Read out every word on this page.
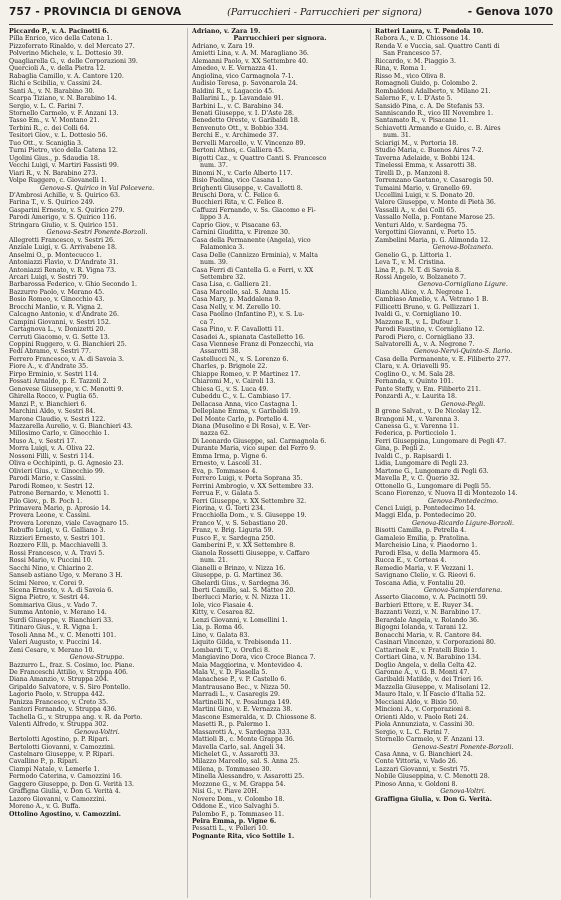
757 - PROVINCIA DI GENOVA	(Parrucchieri - Parrucchieri per signora)	- Genova 1070
Piccardo P., v. A. Pacinotti 6.
Pilla Enrico, vico della Catena 1.
Pizzoferrato Rinaldo, v. del Mercato 27.
Polverino Michele, v. L. Dottesio 39.
Quagliarella G., v. delle Corporazioni 39.
Quercioli A., v. della Pietra 12.
Rabaglia Camillo, v. A. Cantore 120.
Richi e Scibilia, v. Cassini 24.
Santi A., v. N. Barabino 30.
Scarpa Tiziano, v. N. Barabino 14.
Sergio, v. L. C. Farini 7.
Stornello Carmelo, v. F. Anzani 13.
Tasso Em., v. V. Montano 21.
Terbini R., c. dei Colli 64.
Tesitori Giov., v. L. Dottesio 56.
Tuo Ott., v. Scaniglia 3.
Turni Pietro, vico della Catena 12.
Ugolini Gius., p. Sdaudia 18.
Vecchi Luigi, v. Martiri Fassisti 99.
Viari R., v. N. Barabino 273.
Volpe Ruggero, c. Giovanelli 1.
Genova-S. Quirico in Val Polcevera.
D'Ambrosi Achille, v. S. Quirico 63.
Farina T., v. S. Quirico 249.
Gasparini Ernesto, v. S. Quirico 279.
Parodi Amerigo, v. S. Quirico 116.
Stringara Giulio, v. S. Quirico 151.
Genova-Sestri Ponente-Borzoli.
Allegretti Francesco, v. Sestri 26.
Anziale Luigi, v. G. Arrivabene 18.
Anselmi O., p. Montecucco 1.
Antoniazzi Flavio, v. D'Andrate 31.
Antoniazzi Renato, v. R. Vigna 73.
Arcari Luigi, v. Sestri 79.
Barbarossa Federico, v. Ghio Secondo 1.
Bazzurro Paolo, v. Merano 45.
Bosio Romeo, v. Ginocchio 43.
Brocchi Manlio, v. R. Vigna 2.
Calcagno Antonio, v. d'Andrate 26.
Campini Giovanni, v. Sestri 152.
Cartagnova L., v. Donizetti 20.
Cerruti Giacomo, v. G. Sette 13.
Coppini Ruggero, v. G. Bianchieri 25.
Fedi Abramo, v. Sestri 77.
Ferrero Francesco, v. A. di Savoia 3.
Fiore A., v. d'Andrate 35.
Firpo Erminio, v. Sestri 114.
Fossati Arnaldo, p. E. Tazzoli 2.
Genovese Giuseppe, v. C. Menotti 9.
Ghirella Rocco, v. Puglia 65.
Manzi P., v. Bianchieri 6.
Marchini Aldo, v. Sestri 84.
Marone Claudio, v. Sestri 122.
Mazzarella Aurelio, v. G. Bianchieri 43.
Millosimo Carlo, v. Ginocchio 1.
Muso A., v. Sestri 17.
Morra Luigi, v. A. Oliva 22.
Nossoni Filli, v. Sestri 114.
Oliva e Occhipinti, p. G. Agnesio 23.
Olivieri Gius., v. Ginocchio 99.
Parodi Mario, v. Cassini.
Parodi Romeo, v. Sestri 12.
Patrone Bernardo, v. Menotti 1.
Pilo Giov., p. B. Poch 1.
Primavera Mario, p. Aprosio 14.
Provera Leone, v. Cassini.
Provera Lorenzo, viale Cavagnaro 15.
Rebuffo Luigi, v. G. Galliano 3.
Rizzieri Ernesto, v. Sestri 101.
Rozzero F.lli, p. Macchiavelli 3.
Rossi Francesco, v. A. Travi 5.
Rossi Mario, v. Puccini 10.
Sacchi Nino, v. Chiarino 2.
Sanseb astiano Ugo, v. Merano 3 H.
Scimi Nereo, v. Corei 9.
Sicena Ernesto, v. A. di Savoia 6.
Signa Pietro, v. Sestri 44.
Sommariva Gius., v. Vado 7.
Summa Antonio, v. Merano 14.
Surdi Giuseppe, v. Bianchieri 33.
Titinaro Gius., v. R. Vigna 1.
Tosoli Anna M., v. C. Menotti 101.
Valeri Augusto, v. Puccini 14.
Zeni Cesare, v. Merano 10.
Genova-Struppa.
Bazzurro L., fraz. S. Cosimo, loc. Piane.
De Franceschi Attilio, v. Struppa 406.
Diana Amanzio, v. Struppa 204.
Gripaldo Salvatore, v. S. Siro Pontello.
Lagorio Paolo, v. Struppa 442.
Panizza Francesco, v. Creto 35.
Santori Fernando, v. Struppa 436.
Tachella G., v. Struppa ang. v. R. da Porto.
Valenti Alfredo, v. Struppa 302.
Genova-Voltri.
Bertolotti Agostino, p. P. Ripari.
Bertolotti Giovanni, v. Camozzini.
Castelnaro Giuseppe, v. P. Ripari.
Cavallino P., p. Ripari.
Ciampi Natale, v. Lemerle 1.
Fermodo Caterina, v. Camozzini 16.
Gaggero Giuseppe, p. Don G. Verità 13.
Graffigna Giulia, v. Don G. Verità 4.
Lazoro Giovanni, v. Camozzini.
Moreno A., v. G. Buffa.
Ottolino Agostino, v. Camozzini.
Adriano, v. Zara 19.
Parrucchieri per signora.
Adriano, v. Zara 19.
Amietti Lina, v. A. M. Maragliano 36.
Alemanni Paolo, v. XX Settembre 40.
Amedeo, v. E. Vernazza 41.
Angiolina, vico Carmagnola 7-1.
Audisio Teresa, p. Savonarola 24.
Baldini R., v. Lagaccio 45.
Ballarini L., p. Lavandaie 91.
Barbini L., v. C. Barabino 34.
Benati Giuseppe, v. I. D'Aste 28.
Benedetto Oreste, v. Garibaldi 18.
Benvenuto Ott., v. Bobbio 334.
Berchi E., v. Archimede 37.
Bervelli Marcello, v. V. Vincenzo 89.
Bertoni Athos, c. Galliera 45.
Bigotti Caz., v. Quattro Canti S. Francesco
num. 37.
Binomi N., v. Carlo Alberto 117.
Bisio Paolina, vico Casana 1.
Brighenti Giuseppe, v. Cavallotti 8.
Bruschi Dora, v. C. Felice 6.
Bucchieri Rita, v. C. Felice 8.
Caffuzzi Fernando, v. Ss. Giacomo e Fi-
lippo 3 A.
Caprio Giov., v. Pisacane 63.
Carnini Giuditta, v. Firenze 30.
Casa della Permanente (Angela), vico
Falamonica 3.
Casa Delle (Cannizzo Erminia), v. Malta
num. 39.
Casa Ferri di Cantella G. e Ferri, v. XX
Settembre 32.
Casa Lisa, c. Galliera 21.
Casa Marcello, sal. S. Anna 15.
Casa Mary, p. Maddalena 9.
Casa Nelly, v. M. Zerello 10.
Casa Paolino (Infantino P.), v. S. Lu-
ca 7.
Casa Pino, v. F. Cavallotti 11.
Casadei A., spianata Castelletto 16.
Casa Viennese Franz di Ponzecchi, via
Assarotti 38.
Castellucci N., v. S. Lorenzo 6.
Charles, p. Brignole 22.
Chiappe Romeo, v. P. Martinez 17.
Chiaromi M., v. Cairoli 13.
Chiesa G., v. S. Luca 49.
Cubeddu C., v. L. Cambiaso 17.
Dellacasa Anna, vico Castagna 1.
Delleplane Emma, v. Garibaldi 19.
Del Monte Carlo, p. Portello 4.
Diana (Musolino e Di Rosa), v. E. Ver-
nazza 62.
Di Leonardo Giuseppe, sal. Carmagnola 6.
Durante Maria, vico super. del Ferro 9.
Emma Irma, p. Vigne 6.
Ernesto, v. Lascoli 31.
Eva, p. Tommaseo 4.
Ferrero Luigi, v. Porta Soprana 35.
Ferrini Ambrogio, v. XX Settembre 33.
Ferrua F., v. Galata 5.
Ferri Giuseppe, v. XX Settembre 32.
Fiorina, v. G. Torti 234.
Fracchiolla Dom., v. S. Giuseppe 19.
Franco V., v. S. Sebastiano 20.
Franz, v. Brig. Liguria 59.
Fusco F., v. Sardegna 250.
Gamberini P., v. XX Settembre 8.
Gianola Rossetti Giuseppe, v. Caffaro
num. 21.
Gianelli e Brinzo, v. Nizza 16.
Giuseppe, p. G. Martinez 36.
Ghelardi Gius., v. Sardegna 36.
Iberti Camillo, sal. S. Matteo 20.
Iberlucci Mario, v. N. Nizza 11.
Iole, vico Fiasaie 4.
Kitty, v. Cesarea 82.
Lenzi Giovanni, v. Lomellini 1.
Lia, p. Roma 46.
Lino, v. Galata 83.
Liquito Gilda, v. Trebisonda 11.
Lombardi T., v. Orefici 8.
Mangiavino Dora, vico Croce Bianca 7.
Maia Maggiorina, v. Montevideo 4.
Mala V., v. D. Fiasella 5.
Manachese P., v. P. Castello 6.
Mantrausano Bec., v. Nizza 50.
Marradi L., v. Casaregis 29.
Martinelli N., v. Posalunga 149.
Martini Gino, v. E. Vernazza 38.
Mascone Esmeralda, v. D. Chiossone 8.
Masetti R., p. Palermo 1.
Massarotti A., v. Sardegna 333.
Mattioli B., c. Monte Grappa 36.
Mavella Carlo, sal. Angeli 34.
Michelet G., v. Assarotti 33.
Milazzo Marcello, sal. S. Anna 25.
Milena, p. Tommaseo 30.
Minella Alessandro, v. Assarotti 25.
Mozzone G., v. M. Grappa 54.
Nisi G., v. Piave 20H.
Novere Dom., v. Colombo 18.
Oddone E., vico Salvaghi 5.
Palombo F., p. Tommaseo 11.
Peira Emma, p. Vigne 6.
Pessatti L., v. Polleri 10.
Pognante Rita, vico Sottile 1.
Ratteri Laura, v. T. Pendola 10.
Rebora A., v. D. Chiossone 14.
Renda V. e Vuccia, sal. Quattro Canti di
San Francesco 57.
Riccardo, v. M. Piaggio 3.
Rina, v. Roma 1.
Risso M., vico Oliva 8.
Romagnoli Guido, p. Colombo 2.
Rombaldoni Adalberto, v. Milano 21.
Salerno F., v. I. D'Aste 5.
Sansidò Pina, c. A. De Stefanis 53.
Sanniscando R., vico III Novembre 1.
Santamato R., v. Pisacane 11.
Schiavetti Armando e Guido, c. B. Aires
num. 31.
Sciarigi M., v. Portoria 18.
Studio Maria, c. Buenos Aires 7-2.
Taverna Adelaide, v. Bobbi 124.
Tinelessi Emma, v. Assarotti 38.
Tirelli D., p. Manzoni 8.
Torrenzano Gaetano, v. Casaregis 50.
Tumaini Mario, v. Granello 69.
Uccellini Luigi, v. S. Donato 20.
Valore Giuseppe, v. Monte di Pietà 36.
Vassalli A., v. dei Colli 65.
Vassallo Nella, p. Fontane Marose 25.
Venturi Aldo, v. Sardegna 75.
Vergottini Giovanni, v. Porto 15.
Zambelini Maria, p. G. Alimonda 12.
Genova-Bolzaneto.
Genelio G., p. Littoria 1.
Leva T., v. M. Cristina.
Lina P., p. N. T. di Savoia 8.
Rossi Angelo, v. Bolzaneto 7.
Genova-Cornigliano Ligure.
Bianchi Alice, v. A. Negrone 1.
Cambiaso Amelio, v. A. Vetrano 1 B.
Fillicetti Bruno, v. G. Pellizzari 1.
Ivaldi G., v. Cornigliano 10.
Mazzone R., v. L. Dufour 1.
Parodi Faustino, v. Cornigliano 12.
Parodi Piero, c. Cornigliano 33.
Salvatorelli A., v. A. Negrone 7.
Genova-Nervi-Quinto-S. Ilario.
Casa della Permanente, v. E. Filiberto 277.
Clara, v. A. Oriavelli 95.
Coglino O., v. M. Sala 28.
Fernanda, v. Quinto 101.
Pante Steffy, v. Em. Filiberto 211.
Ponzardi A., v. Laurita 18.
Genova-Pegli.
B grone Salvat., v. De Nicolay 12.
Brangoni M., v. Varenna 3.
Canessa G., v. Varenna 11.
Federica, p. Porticciolo 1.
Ferri Giuseppina, Lungomare di Pegli 47.
Gina, p. Pegli 2.
Ivaldi C., p. Rapisardi 1.
Lidia, Lungomare di Pegli 23.
Martone G., Lungomare di Pegli 63.
Mavella P., v. C. Querio 32.
Ottonello G., Lungomare di Pegli 55.
Scano Fiorenzo, v. Nuova II di Montezolo 14.
Genova-Pontedecimo.
Cenci Luigi, p. Pontedecimo 14.
Maggi Elda, p. Pontedecimo 20.
Genova-Ricardo Ligure-Borzoli.
Bisotti Camilla, p. Petrella 4.
Gamaleio Emilia, p. Pratolina.
Marcheisio Lina, v. Piaodorno 1.
Parodi Elsa, v. della Marmora 45.
Rucca E., v. Corteas 4.
Remedio Maria, v. F. Vezzani 1.
Savignano Clelio, v. G. Rieovi 6.
Toscana Adia, v. Fontaliu 20.
Genova-Sampierdarena.
Asserto Giacomo, v. A. Pacinotti 59.
Barbieri Ettore, v. E. Ruyer 34.
Bazzanti Vezzi, v. N. Barabino 17.
Berardale Angela, v. Rolando 36.
Bigogni Iolanda, v. Tarani 12.
Bonacchi Maria, v. R. Cantore 84.
Casinari Vincenzo, v. Corporazioni 80.
Cattarinek E., v. Fratelli Bixio 1.
Cortiari Gina, v. N. Barabino 134.
Doglio Angela, v. della Celta 42.
Garonne A., v. G. B. Monti 47.
Garibaldi Matilde, v. dei Trieri 16.
Mazzella Giuseppe, v. Malisolani 12.
Mauro Italo, v. Il Fascio d'Italia 52.
Mecciani Aldo, v. Bixio 50.
Mincioni A., v. Corporazioni 8.
Orienti Aldo, v. Paolo Reti 24.
Piola Annunziata, v. Cassini 30.
Sergio, v. L. C. Farini 7.
Stornello Carmelo, v. F. Anzani 13.
Genova-Sestri Ponente-Borzoli.
Casa Anna, v. G. Bianchieri 24.
Conte Vittoria, v. Vado 26.
Lazzari Giovanni, v. Sestri 75.
Nobile Giuseppina, v. C. Menotti 28.
Pinoso Anna, v. Goldoni 8.
Genova-Voltri.
Graffigna Giulia, v. Don G. Verità.
